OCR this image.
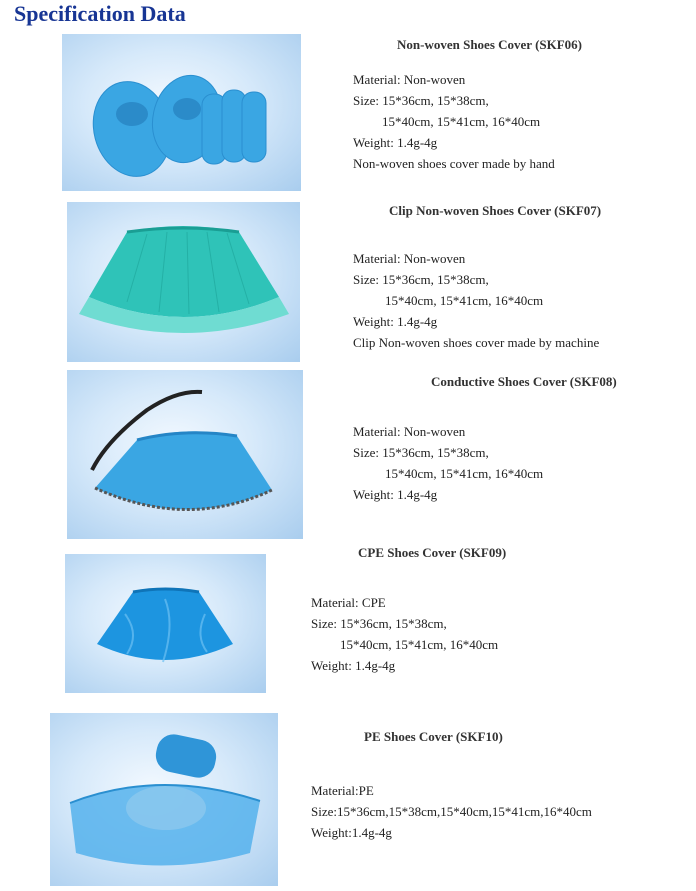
Specification Data
Non-woven Shoes Cover (SKF06)

Material: Non-woven

Size: 15*36cm, 15*38cm,

15*40cm, 15*41cm, 16*40cm

Weight: 1.4g-4g

Non-woven shoes cover made by hand

Clip Non-woven Shoes Cover (SKF07)

Material: Non-woven

Size: 15*36cm, 15*38cm,

15*40cm, 15*41cm, 16*40cm

Weight: 1.4g-4g

Clip Non-woven shoes cover made by machine

Conductive Shoes Cover (SKF08)

Material: Non-woven

Size: 15*36cm, 15*38cm,

15*40cm, 15*41cm, 16*40cm

Weight: 1.4g-4g

CPE Shoes Cover (SKF09)

Material: CPE

Size: 15*36cm, 15*38cm,

15*40cm, 15*41cm, 16*40cm

Weight: 1.4g-4g

PE Shoes Cover (SKF10)

Material:PE

Size:15*36cm,15*38cm,15*40cm,15*41cm,16*40cm

Weight:1.4g-4g
